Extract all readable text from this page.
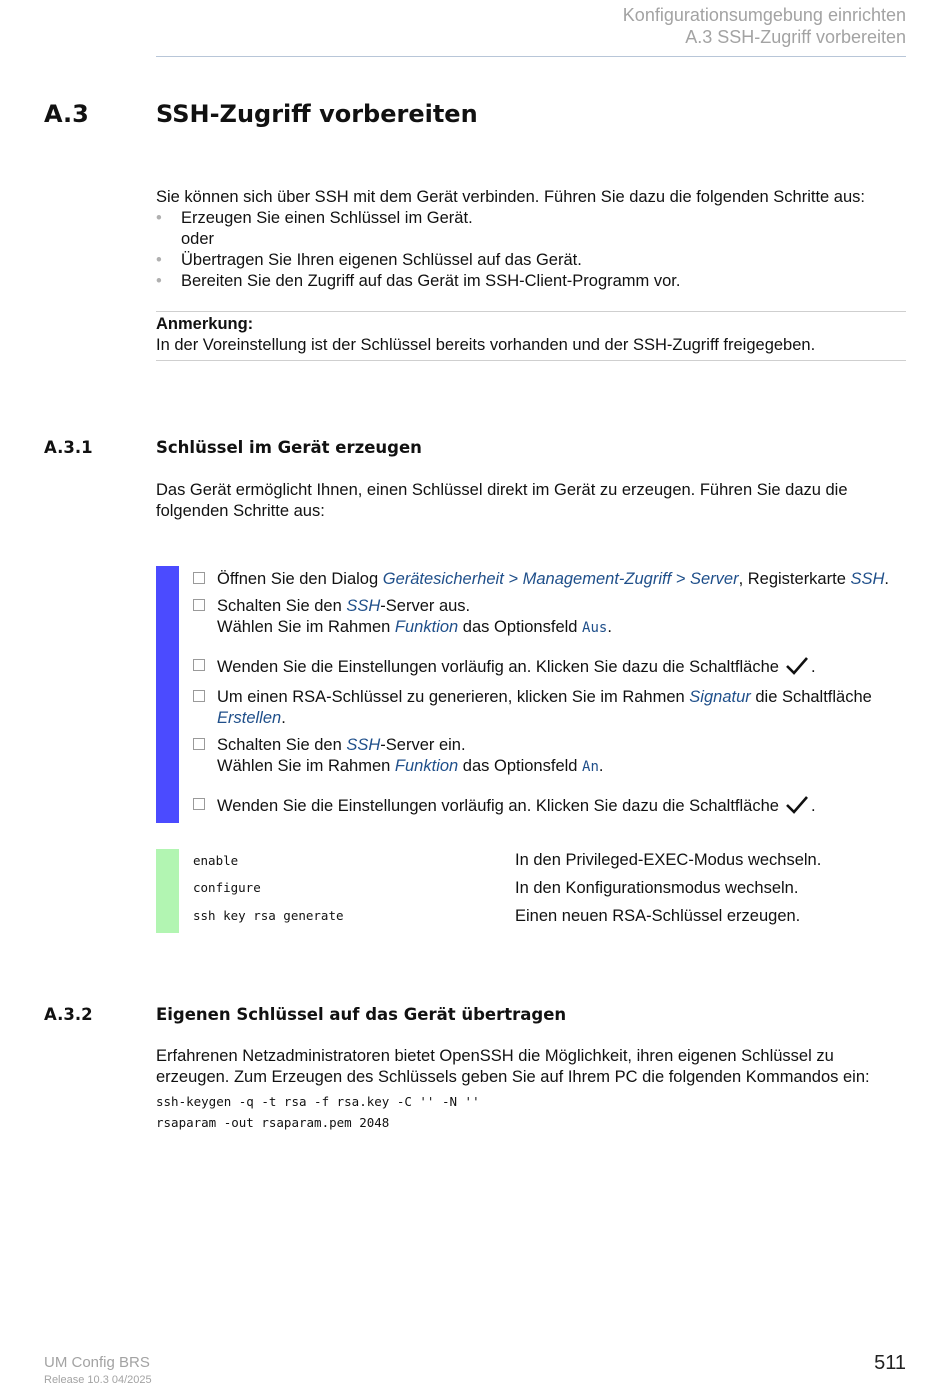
Konfigurationsumgebung einrichten
A.3 SSH-Zugriff vorbereiten
A.3	SSH-Zugriff vorbereiten

Sie können sich über SSH mit dem Gerät verbinden. Führen Sie dazu die folgenden Schritte aus:

• Erzeugen Sie einen Schlüssel im Gerät.
oder
• Übertragen Sie Ihren eigenen Schlüssel auf das Gerät.
• Bereiten Sie den Zugriff auf das Gerät im SSH-Client-Programm vor.

Anmerkung:

In der Voreinstellung ist der Schlüssel bereits vorhanden und der SSH-Zugriff freigegeben.

A.3.1	Schlüssel im Gerät erzeugen

Das Gerät ermöglicht Ihnen, einen Schlüssel direkt im Gerät zu erzeugen. Führen Sie dazu die folgenden Schritte aus:

Öffnen Sie den Dialog Gerätesicherheit > Management-Zugriff > Server, Registerkarte SSH.
Schalten Sie den SSH-Server aus.
Wählen Sie im Rahmen Funktion das Optionsfeld Aus.
Wenden Sie die Einstellungen vorläufig an. Klicken Sie dazu die Schaltfläche .
Um einen RSA-Schlüssel zu generieren, klicken Sie im Rahmen Signatur die Schaltfläche
Erstellen.
Schalten Sie den SSH-Server ein.
Wählen Sie im Rahmen Funktion das Optionsfeld An.
Wenden Sie die Einstellungen vorläufig an. Klicken Sie dazu die Schaltfläche .
enable	In den Privileged-EXEC-Modus wechseln.
configure	In den Konfigurationsmodus wechseln.
ssh key rsa generate	Einen neuen RSA-Schlüssel erzeugen.
A.3.2	Eigenen Schlüssel auf das Gerät übertragen

Erfahrenen Netzadministratoren bietet OpenSSH die Möglichkeit, ihren eigenen Schlüssel zu erzeugen. Zum Erzeugen des Schlüssels geben Sie auf Ihrem PC die folgenden Kommandos ein:

ssh-keygen -q -t rsa -f rsa.key -C '' -N ''
rsaparam -out rsaparam.pem 2048
UM Config BRS
Release 10.3 04/2025
511
